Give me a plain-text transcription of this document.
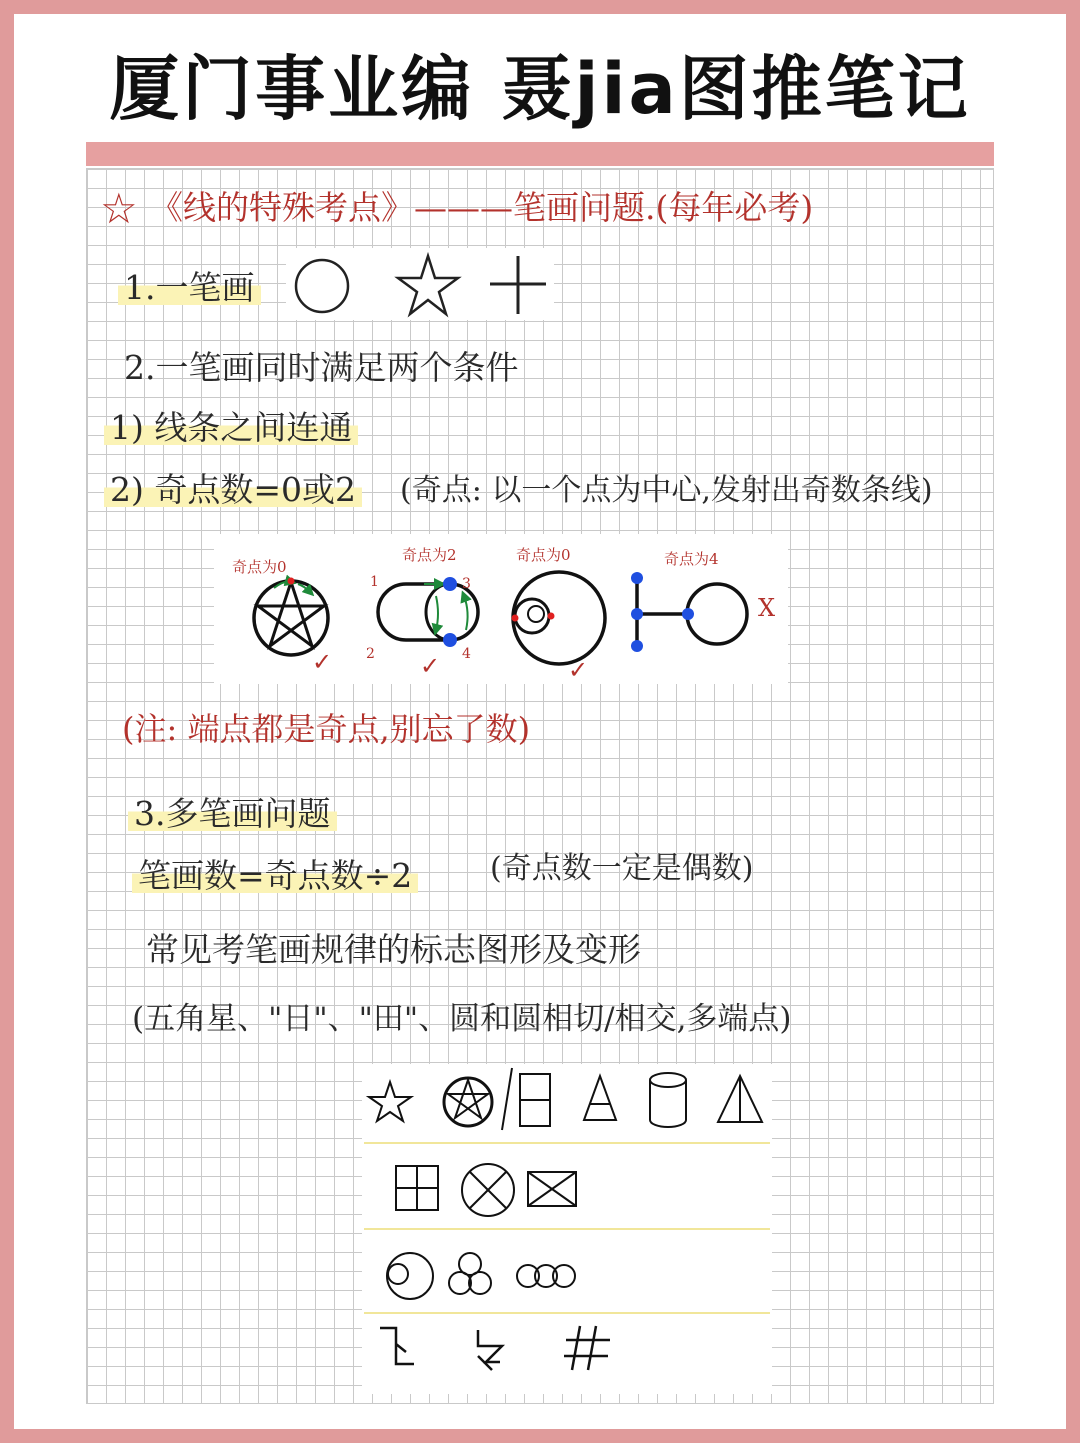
厦门事业编 聂jia图推笔记
☆ 《线的特殊考点》———笔画问题.(每年必考)
1.一笔画
2.一笔画同时满足两个条件
1) 线条之间连通
2) 奇点数=0或2 (奇点: 以一个点为中心,发射出奇数条线)
奇点为0
奇点为2	奇点为0	奇点为4
1
2
3
4
✓	✓	✓
X
(注: 端点都是奇点,别忘了数)
3.多笔画问题
笔画数=奇点数÷2	(奇点数一定是偶数)
常见考笔画规律的标志图形及变形
(五角星、"日"、"田"、圆和圆相切/相交,多端点)
